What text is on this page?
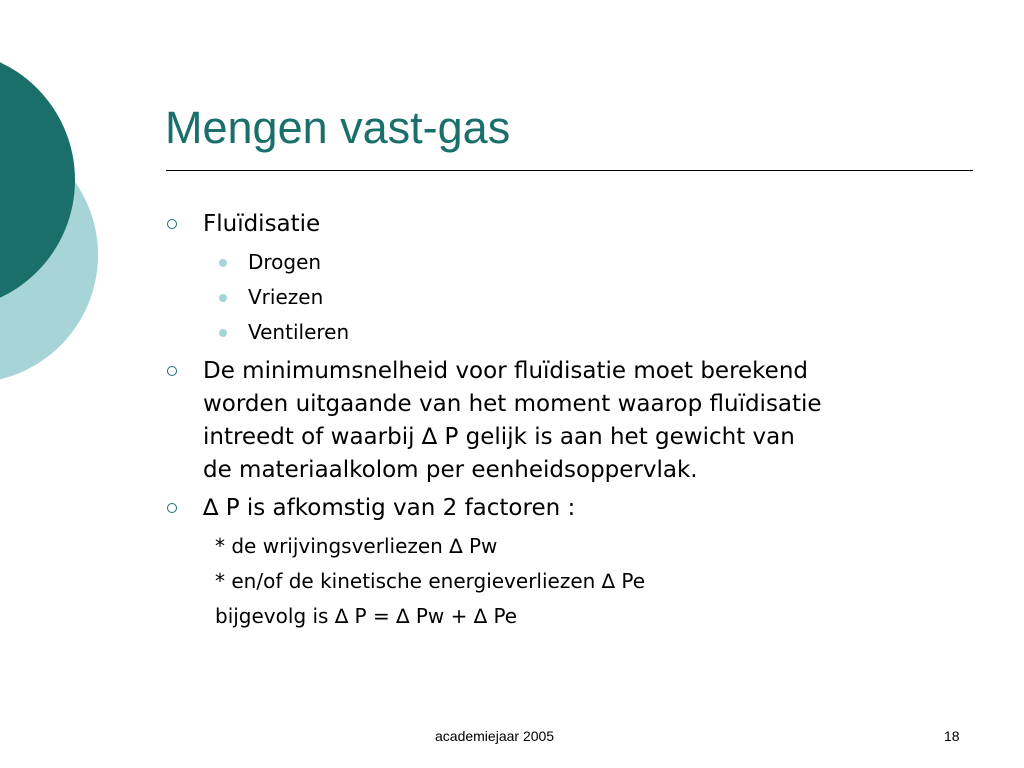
Mengen vast-gas
Fluïdisatie
Drogen
Vriezen
Ventileren
De minimumsnelheid voor fluïdisatie moet berekend
worden uitgaande van het moment waarop fluïdisatie
intreedt of waarbij ∆ P gelijk is aan het gewicht van
de materiaalkolom per eenheidsoppervlak.
∆ P is afkomstig van 2 factoren :
* de wrijvingsverliezen ∆ Pw
* en/of de kinetische energieverliezen ∆ Pe
bijgevolg is ∆ P = ∆ Pw + ∆ Pe
academiejaar 2005	18
